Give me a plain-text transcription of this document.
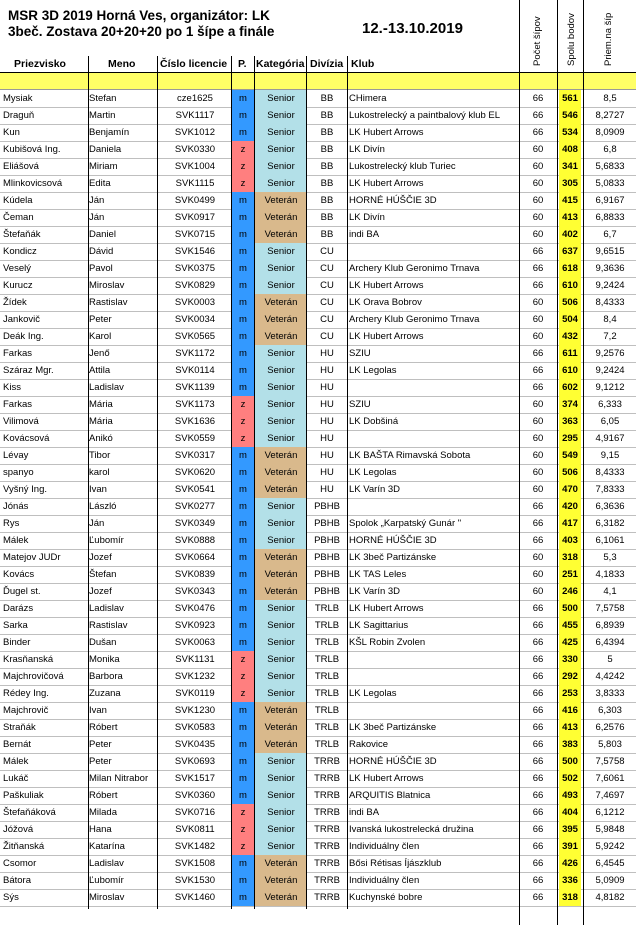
MSR 3D 2019 Horná Ves, organizátor: LK 3beč. Zostava 20+20+20 po 1 šípe a finále	12.-13.10.2019	Počet šípov Spolu bodov	Priem.na šíp
Priezvisko	Meno Číslo licencie P. Kategória Divízia Klub
Mysiak	Stefan	cze1625	m	Senior	BB	CHimera	66	561	8,5
Draguň	Martin	SVK1117	m	Senior	BB	Lukostrelecký a paintbalový klub EL	66	546	8,2727
Kun	Benjamín	SVK1012	m	Senior	BB	LK Hubert Arrows	66	534	8,0909
Kubišová Ing.	Daniela	SVK0330	z	Senior	BB	LK Divín	60	408	6,8
Eliášová	Miriam	SVK1004	z	Senior	BB	Lukostrelecký klub Turiec	60	341	5,6833
Mlinkovicsová	Edita	SVK1115	z	Senior	BB	LK Hubert Arrows	60	305	5,0833
Kúdela	Ján	SVK0499	m	Veterán	BB	HORNÉ HÚŠČIE 3D	60	415	6,9167
Čeman	Ján	SVK0917	m	Veterán	BB	LK Divín	60	413	6,8833
Štefaňák	Daniel	SVK0715	m	Veterán	BB	indi BA	60	402	6,7
Kondicz	Dávid	SVK1546	m	Senior	CU	66	637	9,6515
Veselý	Pavol	SVK0375	m	Senior	CU	Archery Klub Geronimo Trnava	66	618	9,3636
Kurucz	Miroslav	SVK0829	m	Senior	CU	LK Hubert Arrows	66	610	9,2424
Žídek	Rastislav	SVK0003	m	Veterán	CU	LK Orava Bobrov	60	506	8,4333
Jankovič	Peter	SVK0034	m	Veterán	CU	Archery Klub Geronimo Trnava	60	504	8,4
Deák Ing.	Karol	SVK0565	m	Veterán	CU	LK Hubert Arrows	60	432	7,2
Farkas	Jenő	SVK1172	m	Senior	HU	SZIU	66	611	9,2576
Száraz Mgr.	Attila	SVK0114	m	Senior	HU	LK Legolas	66	610	9,2424
Kiss	Ladislav	SVK1139	m	Senior	HU	66	602	9,1212
Farkas	Mária	SVK1173	z	Senior	HU	SZIU	60	374	6,333
Vilimová	Mária	SVK1636	z	Senior	HU	LK Dobšiná	60	363	6,05
Kovácsová	Anikó	SVK0559	z	Senior	HU	60	295	4,9167
Lévay	Tibor	SVK0317	m	Veterán	HU	LK BAŠTA Rimavská Sobota	60	549	9,15
spanyo	karol	SVK0620	m	Veterán	HU	LK Legolas	60	506	8,4333
Vyšný Ing.	Ivan	SVK0541	m	Veterán	HU	LK Varín 3D	60	470	7,8333
Jónás	László	SVK0277	m	Senior	PBHB	66	420	6,3636
Rys	Ján	SVK0349	m	Senior	PBHB Spolok „Karpatský Gunár "	66	417	6,3182
Málek	Ľubomír	SVK0888	m	Senior	PBHB HORNÉ HÚŠČIE 3D	66	403	6,1061
Matejov JUDr	Jozef	SVK0664	m	Veterán	PBHB LK 3beč Partizánske	60	318	5,3
Kovács	Štefan	SVK0839	m	Veterán	PBHB LK TAS Leles	60	251	4,1833
Ďugel st.	Jozef	SVK0343	m	Veterán	PBHB LK Varín 3D	60	246	4,1
Darázs	Ladislav	SVK0476	m	Senior	TRLB	LK Hubert Arrows	66	500	7,5758
Sarka	Rastislav	SVK0923	m	Senior	TRLB	LK Sagittarius	66	455	6,8939
Binder	Dušan	SVK0063	m	Senior	TRLB	KŠL Robin Zvolen	66	425	6,4394
Krasňanská	Monika	SVK1131	z	Senior	TRLB	66	330	5
Majchrovičová	Barbora	SVK1232	z	Senior	TRLB	66	292	4,4242
Rédey Ing.	Zuzana	SVK0119	z	Senior	TRLB	LK Legolas	66	253	3,8333
Majchrovič	Ivan	SVK1230	m	Veterán	TRLB	66	416	6,303
Straňák	Róbert	SVK0583	m	Veterán	TRLB	LK 3beč Partizánske	66	413	6,2576
Bernát	Peter	SVK0435	m	Veterán	TRLB	Rakovice	66	383	5,803
Málek	Peter	SVK0693	m	Senior	TRRB HORNÉ HÚŠČIE 3D	66	500	7,5758
Lukáč	Milan Nitrabor	SVK1517	m	Senior	TRRB LK Hubert Arrows	66	502	7,6061
Paškuliak	Róbert	SVK0360	m	Senior	TRRB ARQUITIS Blatnica	66	493	7,4697
Štefaňáková	Milada	SVK0716	z	Senior	TRRB indi BA	66	404	6,1212
Jóžová	Hana	SVK0811	z	Senior	TRRB Ivanská lukostrelecká družina	66	395	5,9848
Žitňanská	Katarína	SVK1482	z	Senior	TRRB Individuálny člen	66	391	5,9242
Csomor	Ladislav	SVK1508	m	Veterán	TRRB Bősi Rétisas Íjászklub	66	426	6,4545
Bátora	Ľubomír	SVK1530	m	Veterán	TRRB Individuálny člen	66	336	5,0909
Sýs	Miroslav	SVK1460	m	Veterán	TRRB Kuchynské bobre	66	318	4,8182
